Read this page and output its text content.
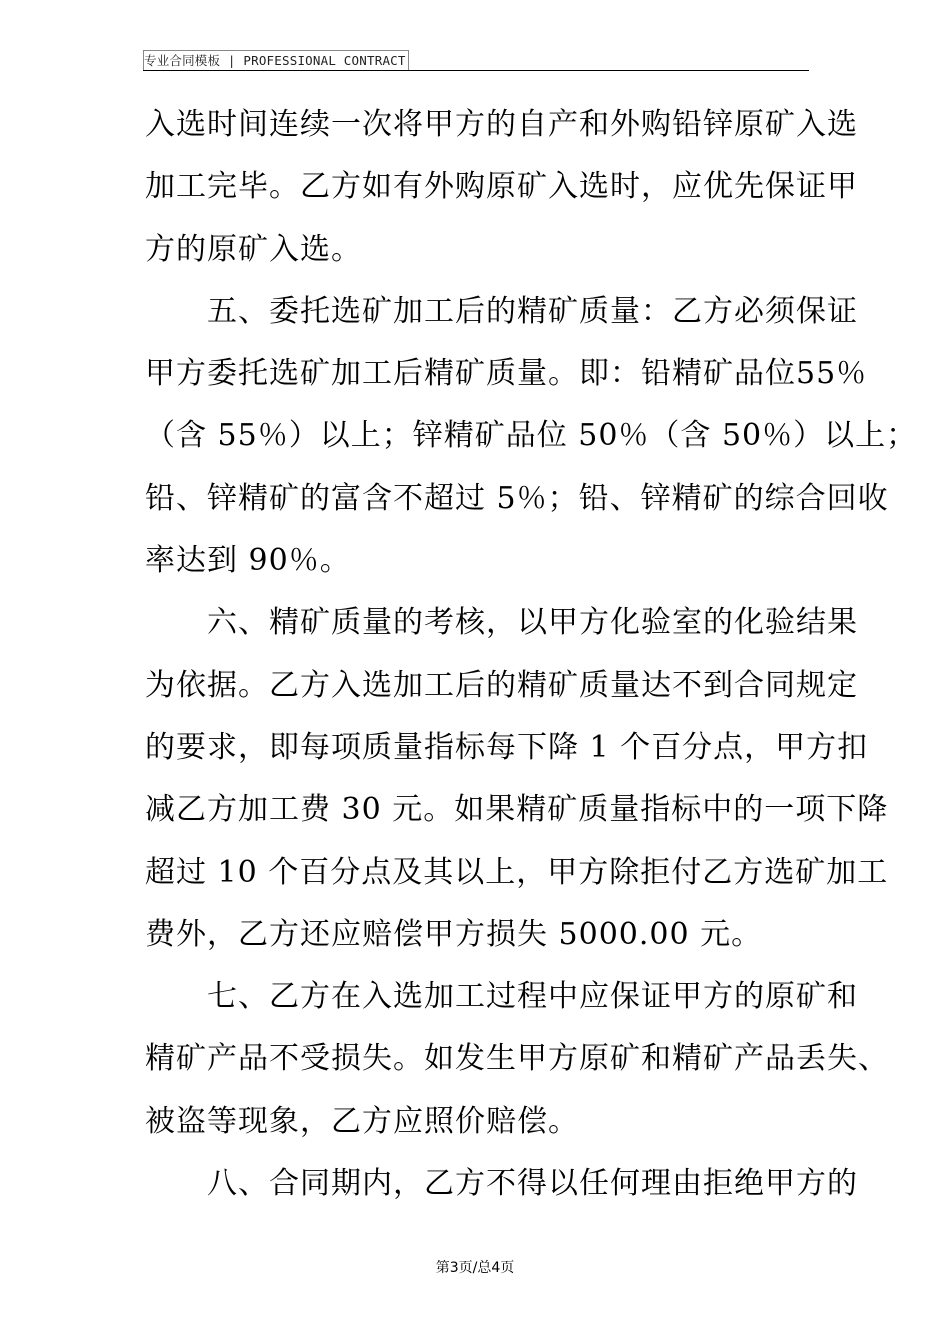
专业合同模板 | PROFESSIONAL CONTRACT
入选时间连续一次将甲方的自产和外购铅锌原矿入选
加工完毕。乙方如有外购原矿入选时，应优先保证甲
方的原矿入选。
　　五、委托选矿加工后的精矿质量：乙方必须保证
甲方委托选矿加工后精矿质量。即：铅精矿品位55％
（含 55％）以上；锌精矿品位 50％（含 50％）以上；
铅、锌精矿的富含不超过 5％；铅、锌精矿的综合回收
率达到 90％。
　　六、精矿质量的考核，以甲方化验室的化验结果
为依据。乙方入选加工后的精矿质量达不到合同规定
的要求，即每项质量指标每下降 1 个百分点，甲方扣
减乙方加工费 30 元。如果精矿质量指标中的一项下降
超过 10 个百分点及其以上，甲方除拒付乙方选矿加工
费外，乙方还应赔偿甲方损失 5000.00 元。
　　七、乙方在入选加工过程中应保证甲方的原矿和
精矿产品不受损失。如发生甲方原矿和精矿产品丢失、
被盗等现象，乙方应照价赔偿。
　　八、合同期内，乙方不得以任何理由拒绝甲方的
第3页/总4页
